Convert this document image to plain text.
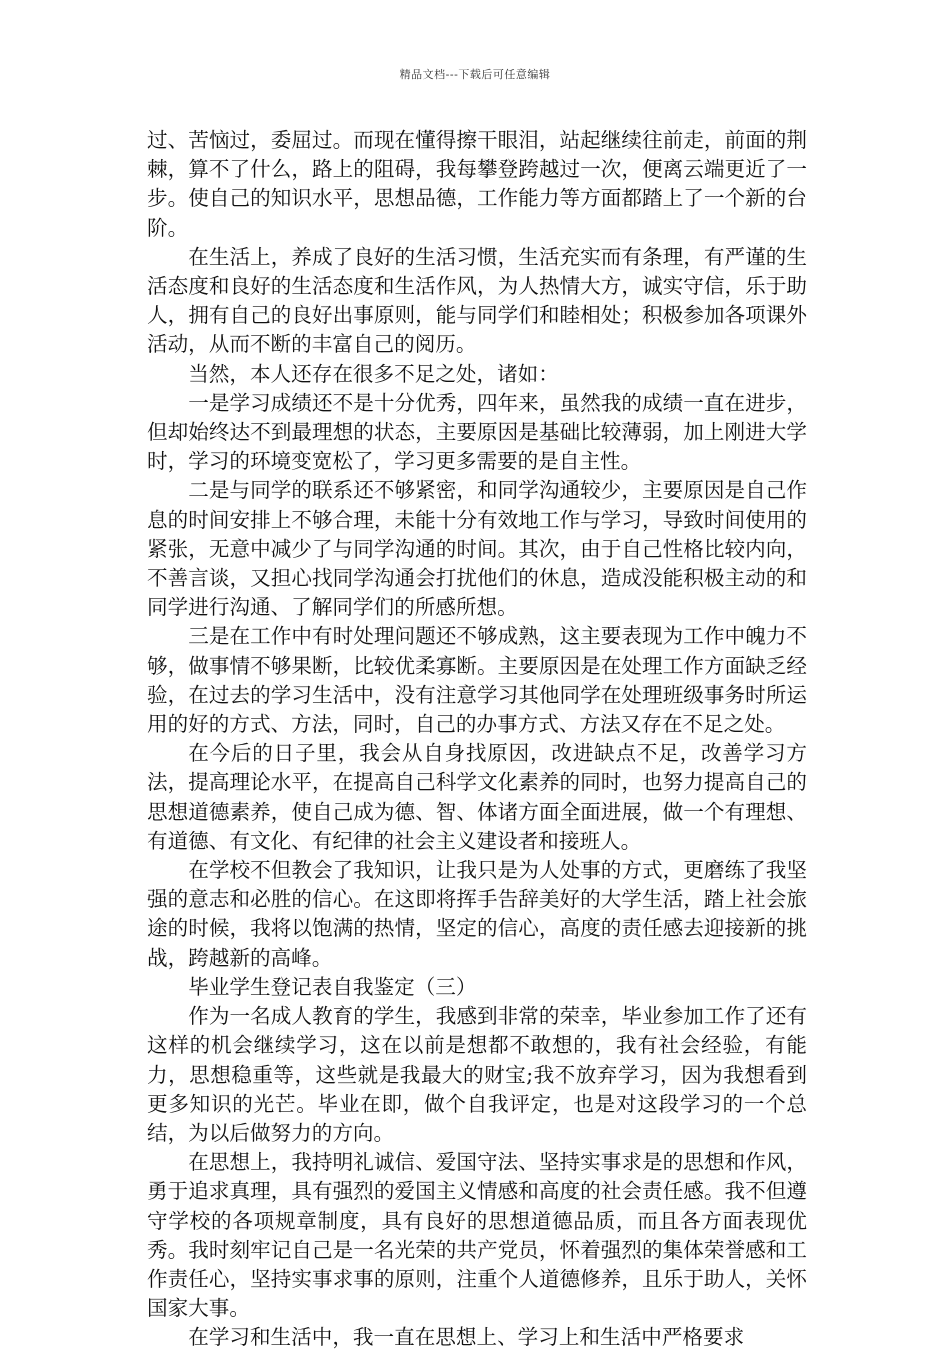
精品文档---下载后可任意编辑

过、苦恼过，委屈过。而现在懂得擦干眼泪，站起继续往前走，前面的荆棘，算不了什么，路上的阻碍，我每攀登跨越过一次，便离云端更近了一步。使自己的知识水平，思想品德，工作能力等方面都踏上了一个新的台阶。

在生活上，养成了良好的生活习惯，生活充实而有条理，有严谨的生活态度和良好的生活态度和生活作风，为人热情大方，诚实守信，乐于助人，拥有自己的良好出事原则，能与同学们和睦相处；积极参加各项课外活动，从而不断的丰富自己的阅历。

当然，本人还存在很多不足之处，诸如：

一是学习成绩还不是十分优秀，四年来，虽然我的成绩一直在进步，但却始终达不到最理想的状态，主要原因是基础比较薄弱，加上刚进大学时，学习的环境变宽松了，学习更多需要的是自主性。

二是与同学的联系还不够紧密，和同学沟通较少，主要原因是自己作息的时间安排上不够合理，未能十分有效地工作与学习，导致时间使用的紧张，无意中减少了与同学沟通的时间。其次，由于自己性格比较内向，不善言谈，又担心找同学沟通会打扰他们的休息，造成没能积极主动的和同学进行沟通、了解同学们的所感所想。

三是在工作中有时处理问题还不够成熟，这主要表现为工作中魄力不够，做事情不够果断，比较优柔寡断。主要原因是在处理工作方面缺乏经验，在过去的学习生活中，没有注意学习其他同学在处理班级事务时所运用的好的方式、方法，同时，自己的办事方式、方法又存在不足之处。

在今后的日子里，我会从自身找原因，改进缺点不足，改善学习方法，提高理论水平，在提高自己科学文化素养的同时，也努力提高自己的思想道德素养，使自己成为德、智、体诸方面全面进展，做一个有理想、有道德、有文化、有纪律的社会主义建设者和接班人。

在学校不但教会了我知识，让我只是为人处事的方式，更磨练了我坚强的意志和必胜的信心。在这即将挥手告辞美好的大学生活，踏上社会旅途的时候，我将以饱满的热情，坚定的信心，高度的责任感去迎接新的挑战，跨越新的高峰。

毕业学生登记表自我鉴定（三）

作为一名成人教育的学生，我感到非常的荣幸，毕业参加工作了还有这样的机会继续学习，这在以前是想都不敢想的，我有社会经验，有能力，思想稳重等，这些就是我最大的财宝;我不放弃学习，因为我想看到更多知识的光芒。毕业在即，做个自我评定，也是对这段学习的一个总结，为以后做努力的方向。

在思想上，我持明礼诚信、爱国守法、坚持实事求是的思想和作风，勇于追求真理，具有强烈的爱国主义情感和高度的社会责任感。我不但遵守学校的各项规章制度，具有良好的思想道德品质，而且各方面表现优秀。我时刻牢记自己是一名光荣的共产党员，怀着强烈的集体荣誉感和工作责任心，坚持实事求事的原则，注重个人道德修养，且乐于助人，关怀国家大事。

在学习和生活中，我一直在思想上、学习上和生活中严格要求
